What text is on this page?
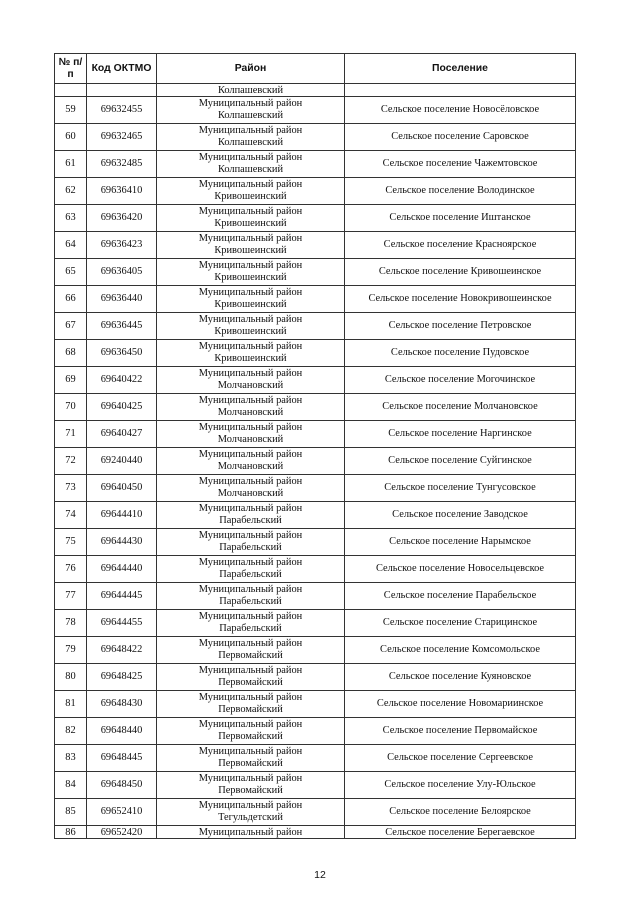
№ п/п	Код ОКТМО	Район	Поселение
		Колпашевский	
59	69632455	Муниципальный район
Колпашевский	Сельское поселение Новосёловское
60	69632465	Муниципальный район
Колпашевский	Сельское поселение Саровское
61	69632485	Муниципальный район
Колпашевский	Сельское поселение Чажемтовское
62	69636410	Муниципальный район
Кривошеинский	Сельское поселение Володинское
63	69636420	Муниципальный район
Кривошеинский	Сельское поселение Иштанское
64	69636423	Муниципальный район
Кривошеинский	Сельское поселение Красноярское
65	69636405	Муниципальный район
Кривошеинский	Сельское поселение Кривошеинское
66	69636440	Муниципальный район
Кривошеинский	Сельское поселение Новокривошеинское
67	69636445	Муниципальный район
Кривошеинский	Сельское поселение Петровское
68	69636450	Муниципальный район
Кривошеинский	Сельское поселение Пудовское
69	69640422	Муниципальный район
Молчановский	Сельское поселение Могочинское
70	69640425	Муниципальный район
Молчановский	Сельское поселение Молчановское
71	69640427	Муниципальный район
Молчановский	Сельское поселение Наргинское
72	69240440	Муниципальный район
Молчановский	Сельское поселение Суйгинское
73	69640450	Муниципальный район
Молчановский	Сельское поселение Тунгусовское
74	69644410	Муниципальный район
Парабельский	Сельское поселение Заводское
75	69644430	Муниципальный район
Парабельский	Сельское поселение Нарымское
76	69644440	Муниципальный район
Парабельский	Сельское поселение Новосельцевское
77	69644445	Муниципальный район
Парабельский	Сельское поселение Парабельское
78	69644455	Муниципальный район
Парабельский	Сельское поселение Старицинское
79	69648422	Муниципальный район
Первомайский	Сельское поселение Комсомольское
80	69648425	Муниципальный район
Первомайский	Сельское поселение Куяновское
81	69648430	Муниципальный район
Первомайский	Сельское поселение Новомариинское
82	69648440	Муниципальный район
Первомайский	Сельское поселение Первомайское
83	69648445	Муниципальный район
Первомайский	Сельское поселение Сергеевское
84	69648450	Муниципальный район
Первомайский	Сельское поселение Улу-Юльское
85	69652410	Муниципальный район
Тегульдетский	Сельское поселение Белоярское
86	69652420	Муниципальный район	Сельское поселение Берегаевское
12
